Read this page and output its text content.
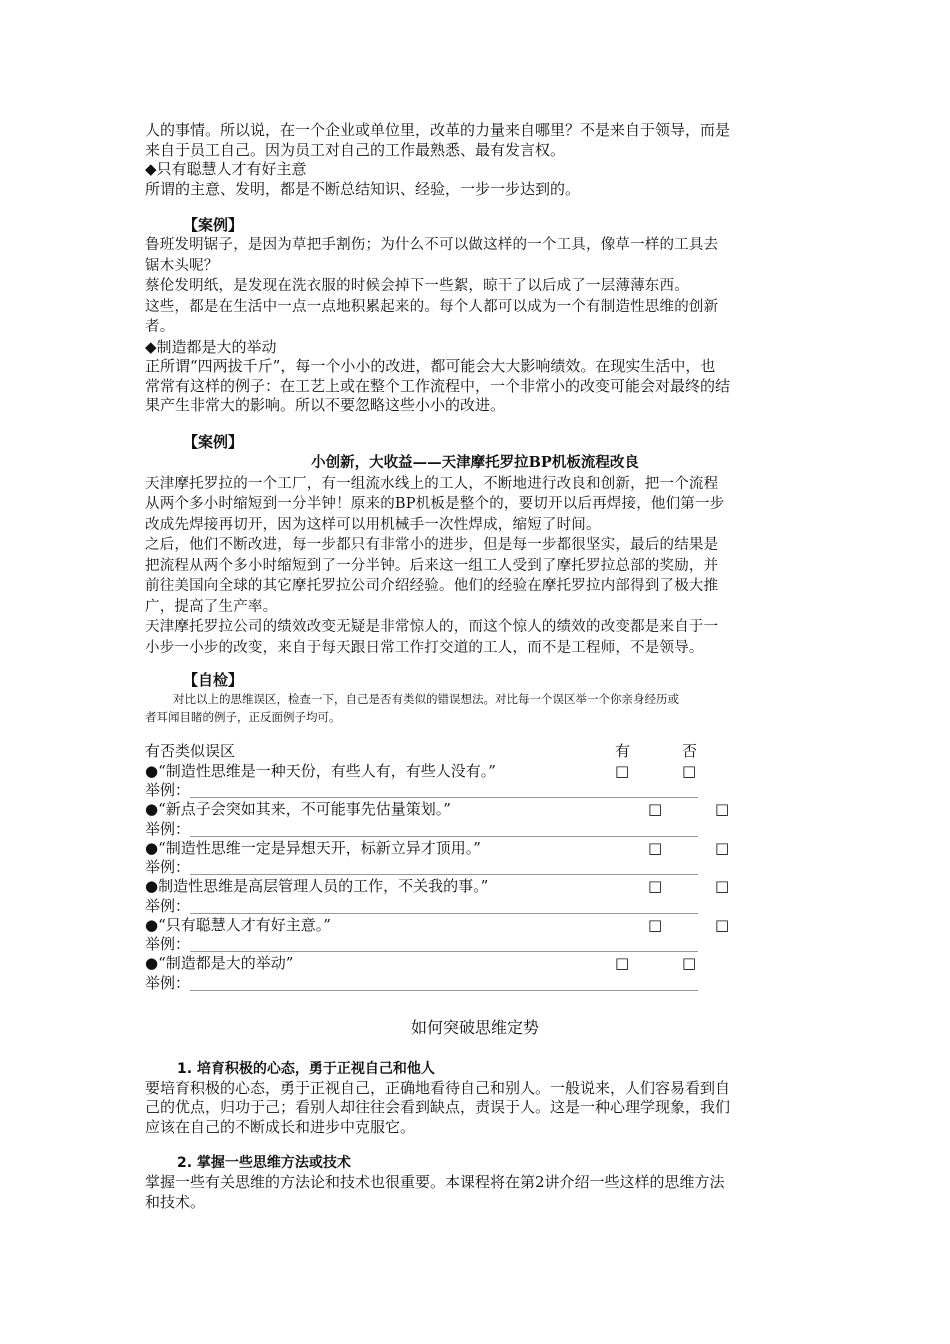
人的事情。所以说，在一个企业或单位里，改革的力量来自哪里？不是来自于领导，而是

来自于员工自己。因为员工对自己的工作最熟悉、最有发言权。

◆只有聪慧人才有好主意

所谓的主意、发明，都是不断总结知识、经验，一步一步达到的。

【案例】

鲁班发明锯子，是因为草把手割伤；为什么不可以做这样的一个工具，像草一样的工具去

锯木头呢？

蔡伦发明纸，是发现在洗衣服的时候会掉下一些絮，晾干了以后成了一层薄薄东西。

这些，都是在生活中一点一点地积累起来的。每个人都可以成为一个有制造性思维的创新

者。

◆制造都是大的举动

正所谓“四两拔千斤”，每一个小小的改进，都可能会大大影响绩效。在现实生活中，也

常常有这样的例子：在工艺上或在整个工作流程中，一个非常小的改变可能会对最终的结

果产生非常大的影响。所以不要忽略这些小小的改进。

【案例】

小创新，大收益——天津摩托罗拉BP机板流程改良

天津摩托罗拉的一个工厂，有一组流水线上的工人，不断地进行改良和创新，把一个流程

从两个多小时缩短到一分半钟！原来的BP机板是整个的，要切开以后再焊接，他们第一步

改成先焊接再切开，因为这样可以用机械手一次性焊成，缩短了时间。

之后，他们不断改进，每一步都只有非常小的进步，但是每一步都很坚实，最后的结果是

把流程从两个多小时缩短到了一分半钟。后来这一组工人受到了摩托罗拉总部的奖励，并

前往美国向全球的其它摩托罗拉公司介绍经验。他们的经验在摩托罗拉内部得到了极大推

广，提高了生产率。

天津摩托罗拉公司的绩效改变无疑是非常惊人的，而这个惊人的绩效的改变都是来自于一

小步一小步的改变，来自于每天跟日常工作打交道的工人，而不是工程师，不是领导。

【自检】

对比以上的思维误区，检查一下，自己是否有类似的错误想法。对比每一个误区举一个你亲身经历或

者耳闻目睹的例子，正反面例子均可。

有否类似误区	有	否
●“制造性思维是一种天份，有些人有，有些人没有。”	□	□
举例：
●“新点子会突如其来，不可能事先估量策划。”	□	□
举例：
●“制造性思维一定是异想天开，标新立异才顶用。”	□	□
举例：
●制造性思维是高层管理人员的工作，不关我的事。”	□	□
举例：
●“只有聪慧人才有好主意。”	□	□
举例：
●“制造都是大的举动”	□	□
举例：

如何突破思维定势

1. 培育积极的心态，勇于正视自己和他人

要培育积极的心态，勇于正视自己，正确地看待自己和别人。一般说来，人们容易看到自

己的优点，归功于己；看别人却往往会看到缺点，责误于人。这是一种心理学现象，我们

应该在自己的不断成长和进步中克服它。

2. 掌握一些思维方法或技术

掌握一些有关思维的方法论和技术也很重要。本课程将在第2讲介绍一些这样的思维方法

和技术。
